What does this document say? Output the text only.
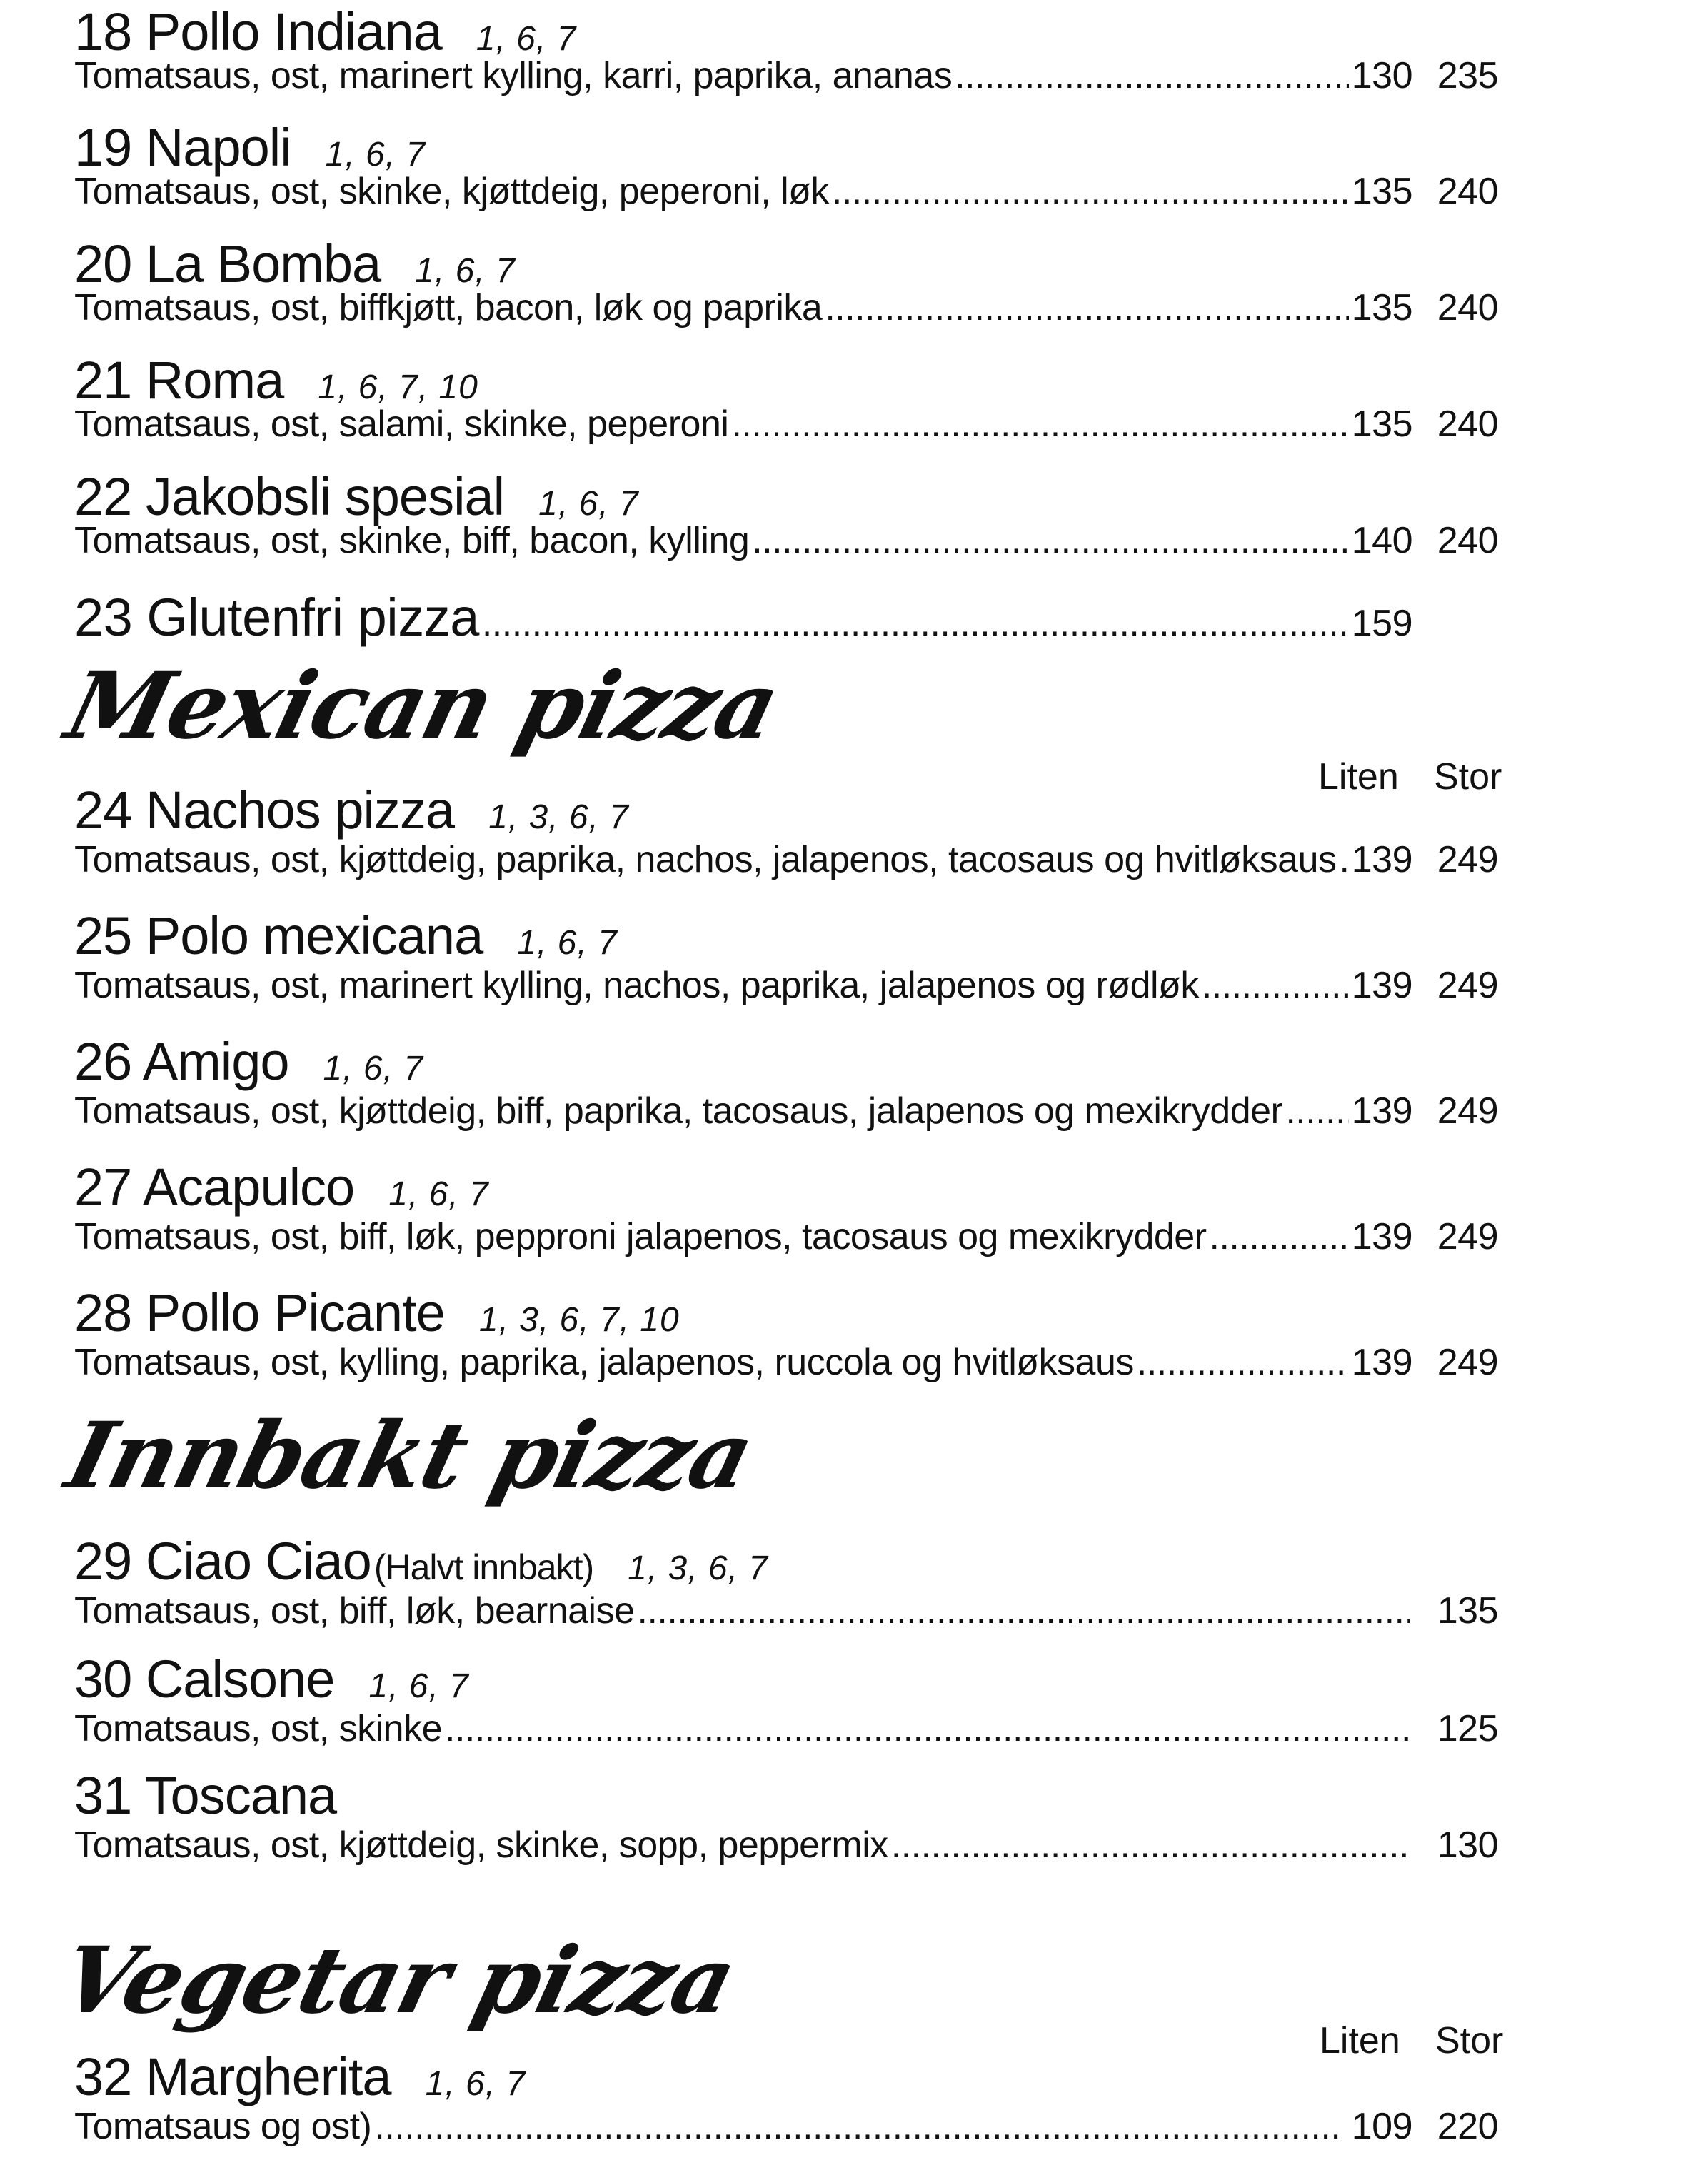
18 Pollo Indiana 1, 6, 7
Tomatsaus, ost, marinert kylling, karri, paprika, ananas .....	130 235
19 Napoli 1, 6, 7
Tomatsaus, ost, skinke, kjøttdeig, peperoni, løk .....	135 240
20 La Bomba 1, 6, 7
Tomatsaus, ost, biffkjøtt, bacon, løk og paprika .....	135 240
21 Roma 1, 6, 7, 10
Tomatsaus, ost, salami, skinke, peperoni .....	135 240
22 Jakobsli spesial 1, 6, 7
Tomatsaus, ost, skinke, biff, bacon, kylling .....	140 240
23 Glutenfri pizza .....	159
Mexican pizza
Liten Stor
24 Nachos pizza 1, 3, 6, 7
Tomatsaus, ost, kjøttdeig, paprika, nachos, jalapenos, tacosaus og hvitløksaus ..... 139 249
25 Polo mexicana 1, 6, 7
Tomatsaus, ost, marinert kylling, nachos, paprika, jalapenos og rødløk .....	139 249
26 Amigo 1, 6, 7
Tomatsaus, ost, kjøttdeig, biff, paprika, tacosaus, jalapenos og mexikrydder ..... 139 249
27 Acapulco 1, 6, 7
Tomatsaus, ost, biff, løk, peppronі jalapenos, tacosaus og mexikrydder .....	139 249
28 Pollo Picante 1, 3, 6, 7, 10
Tomatsaus, ost, kylling, paprika, jalapenos, ruccola og hvitløksaus .....	139 249
Innbakt pizza
29 Ciao Ciao(Halvt innbakt) 1, 3, 6, 7
Tomatsaus, ost, biff, løk, bearnaise .....	135
30 Calsone 1, 6, 7
Tomatsaus, ost, skinke .....	125
31 Toscana
Tomatsaus, ost, kjøttdeig, skinke, sopp, peppermix .....	130
Vegetar pizza
Liten Stor
32 Margherita 1, 6, 7
Tomatsaus og ost) .....	109 220
